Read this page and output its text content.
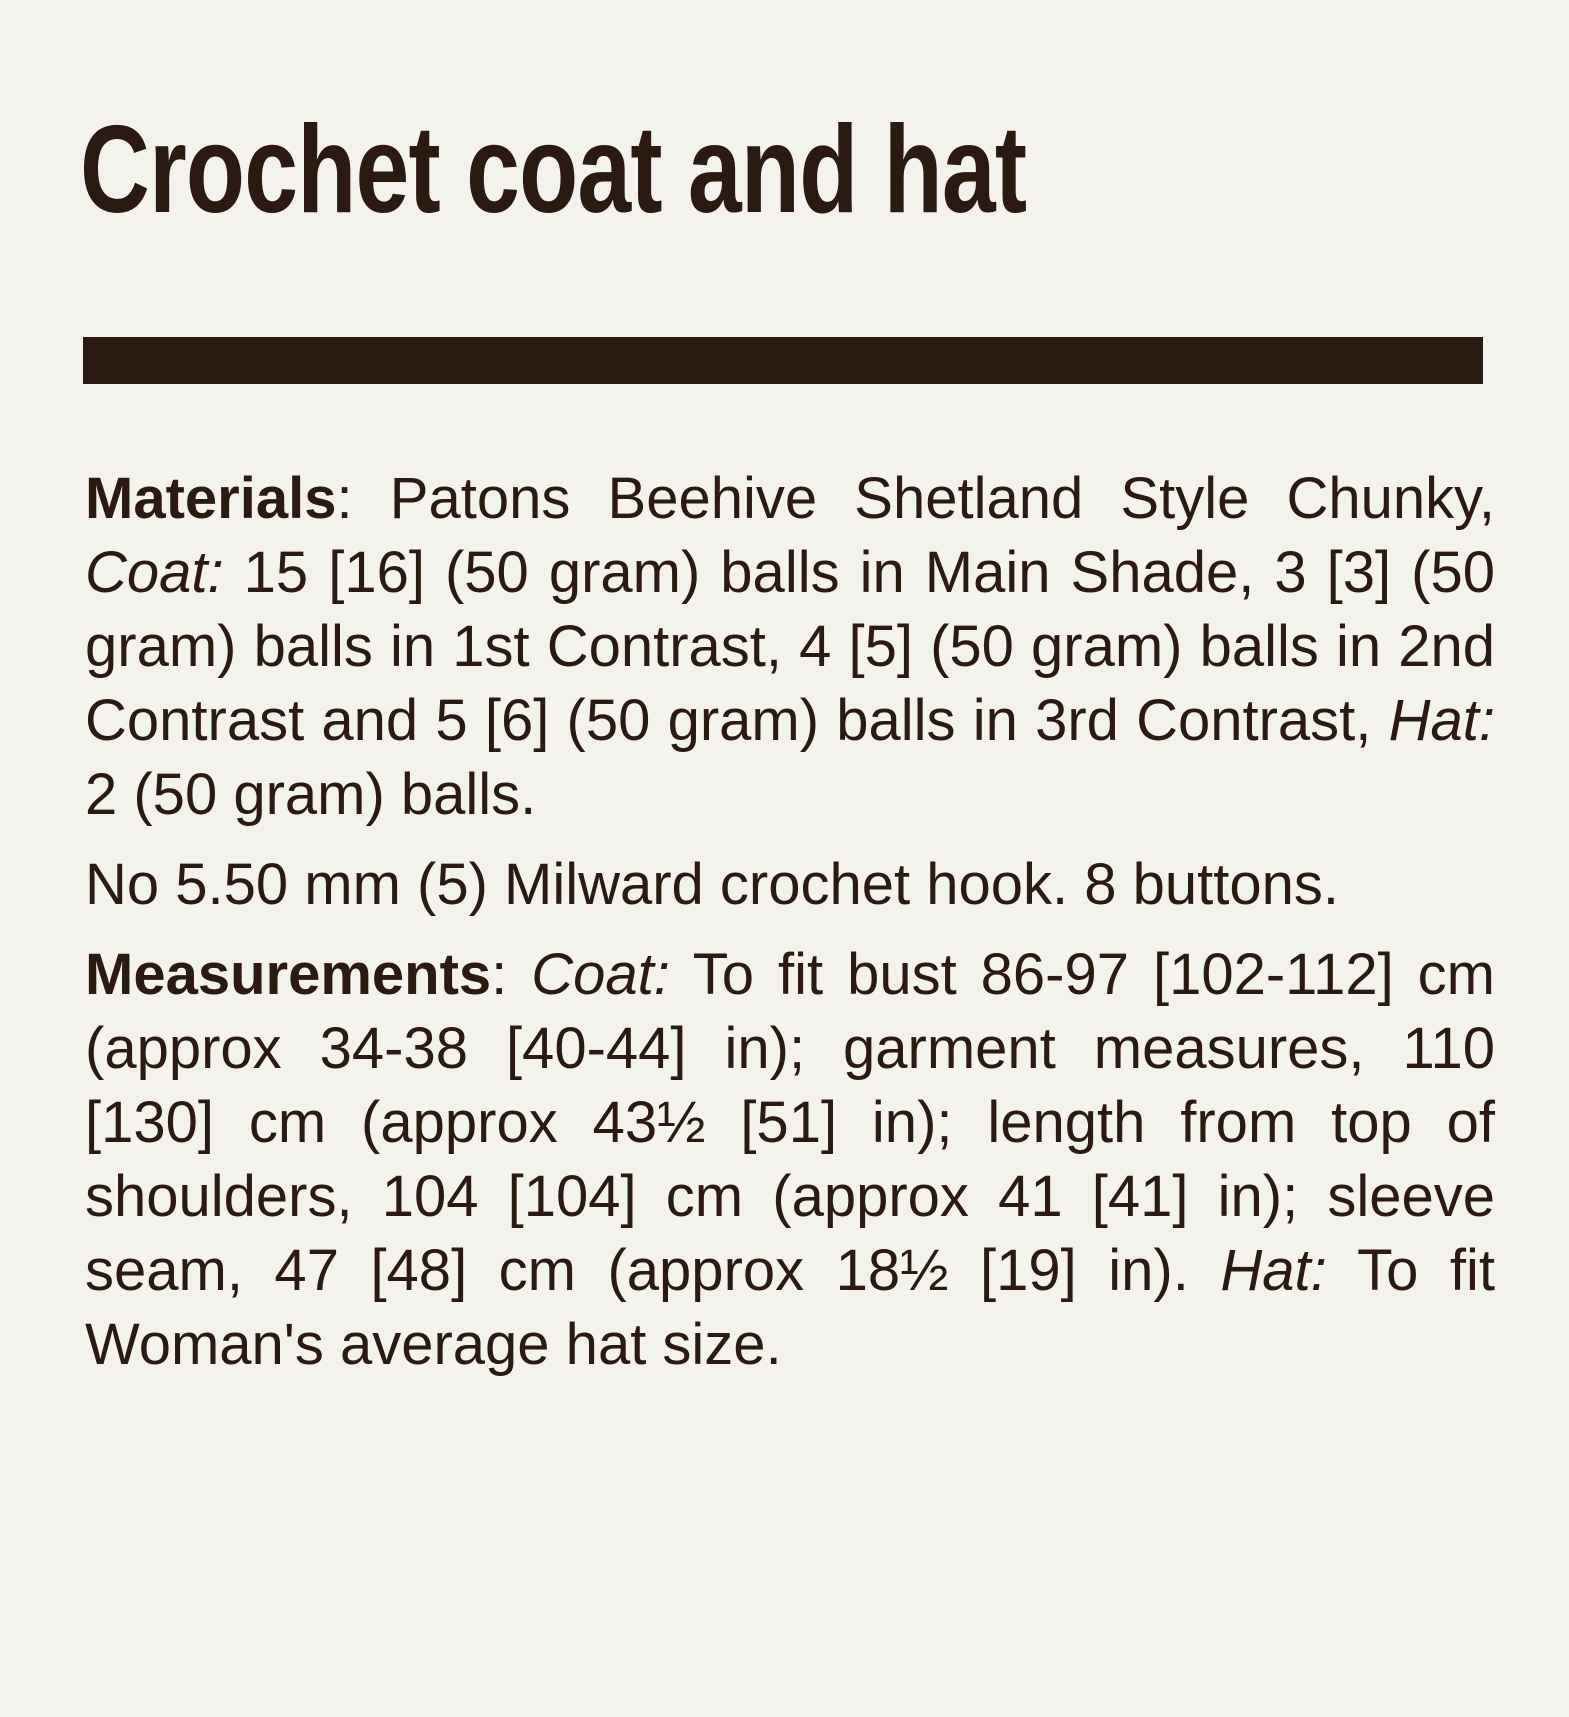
Crochet coat and hat

Materials: Patons Beehive Shetland Style Chunky, Coat: 15 [16] (50 gram) balls in Main Shade, 3 [3] (50 gram) balls in 1st Contrast, 4 [5] (50 gram) balls in 2nd Contrast and 5 [6] (50 gram) balls in 3rd Contrast, Hat: 2 (50 gram) balls.

No 5.50 mm (5) Milward crochet hook. 8 buttons.

Measurements: Coat: To fit bust 86-97 [102-112] cm (approx 34-38 [40-44] in); garment measures, 110 [130] cm (approx 43½ [51] in); length from top of shoulders, 104 [104] cm (approx 41 [41] in); sleeve seam, 47 [48] cm (approx 18½ [19] in). Hat: To fit Woman's average hat size.
